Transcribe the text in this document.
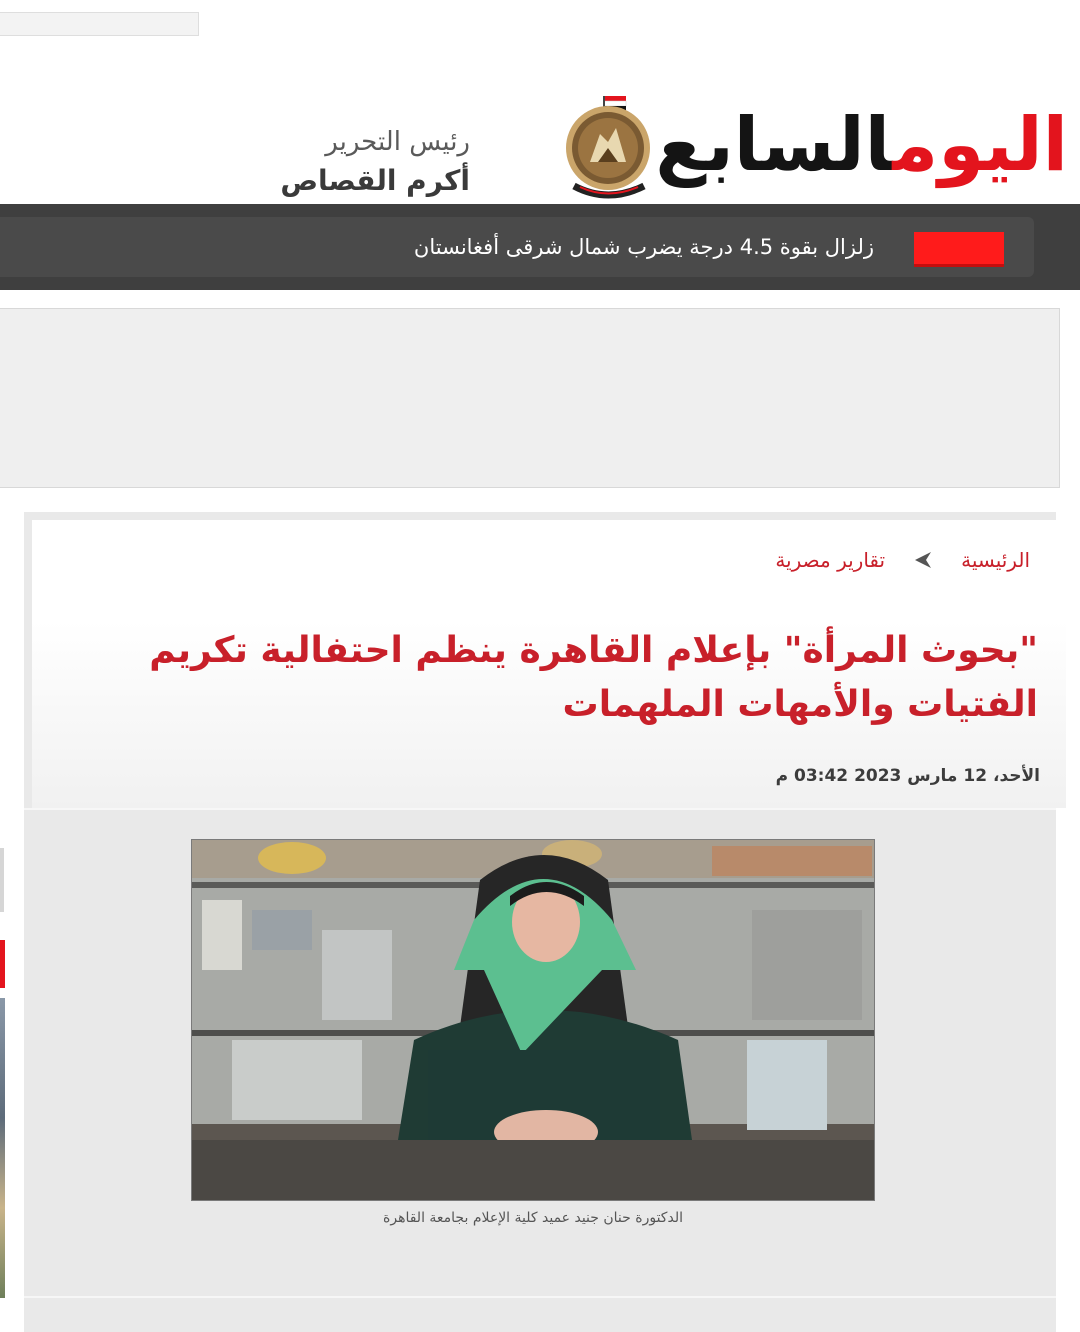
رئيس التحرير
أكرم القصاص	اليومالسابع
زلزال بقوة 4.5 درجة يضرب شمال شرقى أفغانستان
الرئيسية
تقارير مصرية
"بحوث المرأة" بإعلام القاهرة ينظم احتفالية تكريم الفتيات والأمهات الملهمات
الأحد، 12 مارس 2023 03:42 م
الدكتورة حنان جنيد عميد كلية الإعلام بجامعة القاهرة
